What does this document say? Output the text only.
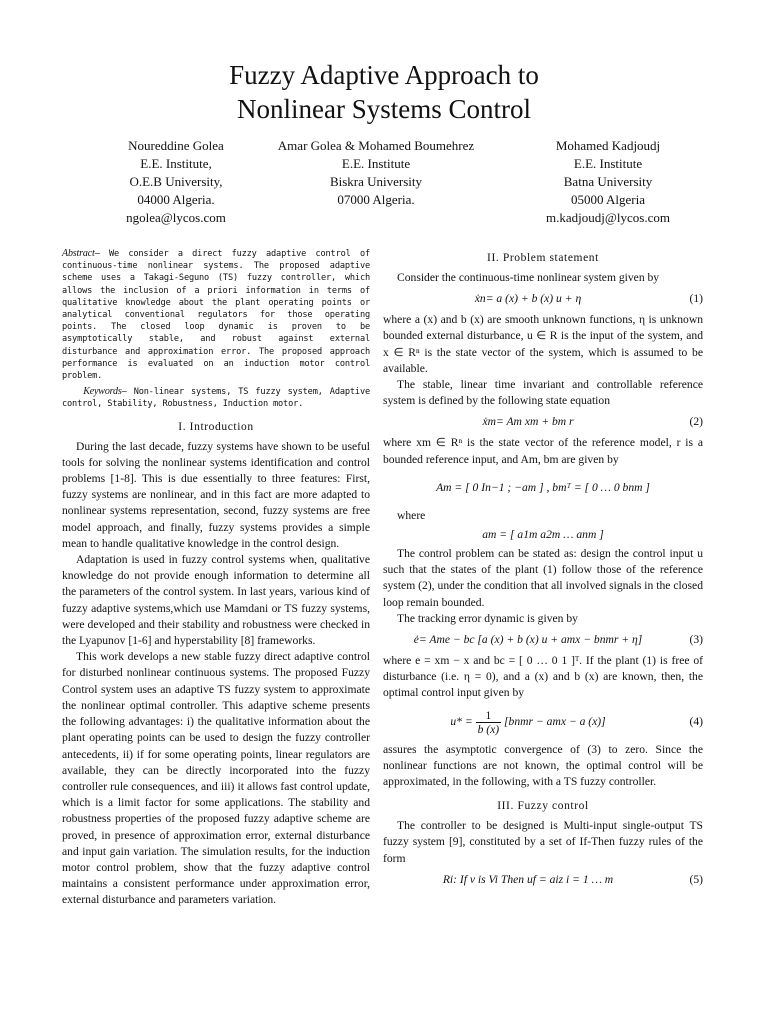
Fuzzy Adaptive Approach to
Nonlinear Systems Control
Noureddine Golea
E.E. Institute,
O.E.B University,
04000 Algeria.
ngolea@lycos.com
Amar Golea & Mohamed Boumehrez
E.E. Institute
Biskra University
07000 Algeria.
Mohamed Kadjoudj
E.E. Institute
Batna University
05000 Algeria
m.kadjoudj@lycos.com

Abstract— We consider a direct fuzzy adaptive control of continuous-time nonlinear systems. The proposed adaptive scheme uses a Takagi-Seguno (TS) fuzzy controller, which allows the inclusion of a priori information in terms of qualitative knowledge about the plant operating points or analytical conventional regulators for those operating points. The closed loop dynamic is proven to be asymptotically stable, and robust against external disturbance and approximation error. The proposed approach performance is evaluated on an induction motor control problem.

Keywords— Non-linear systems, TS fuzzy system, Adaptive control, Stability, Robustness, Induction motor.

I. Introduction

During the last decade, fuzzy systems have shown to be useful tools for solving the nonlinear systems identification and control problems [1-8]. This is due essentially to three features: First, fuzzy systems are nonlinear, and in this fact are more adapted to nonlinear systems representation, second, fuzzy systems are free model approach, and finally, fuzzy systems provides a simple mean to handle qualitative knowledge in the control design.

Adaptation is used in fuzzy control systems when, qualitative knowledge do not provide enough information to determine all the parameters of the control system. In last years, various kind of fuzzy adaptive systems,which use Mamdani or TS fuzzy systems, were developed and their stability and robustness were checked in the Lyapunov [1-6] and hyperstability [8] frameworks.

This work develops a new stable fuzzy direct adaptive control for disturbed nonlinear continuous systems. The proposed Fuzzy Control system uses an adaptive TS fuzzy system to approximate the nonlinear optimal controller. This adaptive scheme presents the following advantages: i) the qualitative information about the plant operating points can be used to design the fuzzy controller antecedents, ii) if for some operating points, linear regulators are available, they can be directly incorporated into the fuzzy controller rule consequences, and iii) it allows fast control update, which is a limit factor for some applications. The stability and robustness properties of the proposed fuzzy adaptive scheme are proved, in presence of approximation error, external disturbance and input gain variation. The simulation results, for the induction motor control problem, show that the fuzzy adaptive control maintains a consistent performance under approximation error, external disturbance and parameters variation.

II. Problem statement

Consider the continuous-time nonlinear system given by

ẋn= a (x) + b (x) u + η	(1)

where a (x) and b (x) are smooth unknown functions, η is unknown bounded external disturbance, u ∈ R is the input of the system, and x ∈ Rⁿ is the state vector of the system, which is assumed to be available.

The stable, linear time invariant and controllable reference system is defined by the following state equation

ẋm= Am xm + bm r	(2)

where xm ∈ Rⁿ is the state vector of the reference model, r is a bounded reference input, and Am, bm are given by

Am = [ 0 In−1 ; −am ] , bmᵀ = [ 0 … 0 bnm ]
where
am = [ a1m a2m … anm ]

The control problem can be stated as: design the control input u such that the states of the plant (1) follow those of the reference system (2), under the condition that all involved signals in the closed loop remain bounded.

The tracking error dynamic is given by

ė= Ame − bc [a (x) + b (x) u + amx − bnmr + η]	(3)

where e = xm − x and bc = [ 0 … 0 1 ]ᵀ. If the plant (1) is free of disturbance (i.e. η = 0), and a (x) and b (x) are known, then, the optimal control input given by

$u* = \frac{1}{b (x)}$ [bnmr − amx − a (x)]	(4)

assures the asymptotic convergence of (3) to zero. Since the nonlinear functions are not known, the optimal control will be approximated, in the following, with a TS fuzzy controller.

III. Fuzzy control

The controller to be designed is Multi-input single-output TS fuzzy system [9], constituted by a set of If-Then fuzzy rules of the form

Ri: If v is Vi Then uf = aiz i = 1 … m	(5)
